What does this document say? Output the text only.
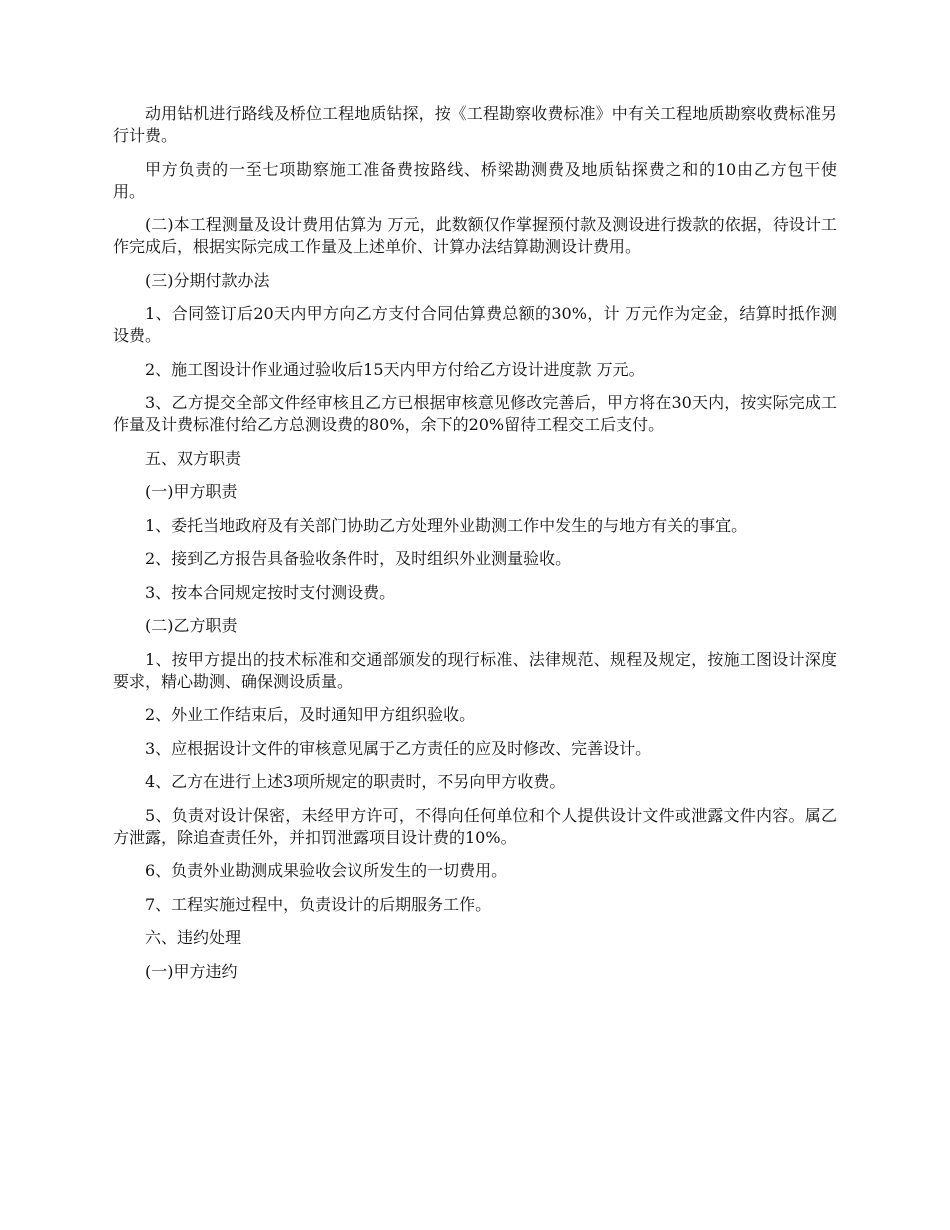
动用钻机进行路线及桥位工程地质钻探，按《工程勘察收费标准》中有关工程地质勘察收费标准另行计费。

甲方负责的一至七项勘察施工准备费按路线、桥梁勘测费及地质钻探费之和的10由乙方包干使用。

(二)本工程测量及设计费用估算为 万元，此数额仅作掌握预付款及测设进行拨款的依据，待设计工作完成后，根据实际完成工作量及上述单价、计算办法结算勘测设计费用。

(三)分期付款办法

1、合同签订后20天内甲方向乙方支付合同估算费总额的30%，计 万元作为定金，结算时抵作测设费。

2、施工图设计作业通过验收后15天内甲方付给乙方设计进度款 万元。

3、乙方提交全部文件经审核且乙方已根据审核意见修改完善后，甲方将在30天内，按实际完成工作量及计费标准付给乙方总测设费的80%，余下的20%留待工程交工后支付。

五、双方职责

(一)甲方职责

1、委托当地政府及有关部门协助乙方处理外业勘测工作中发生的与地方有关的事宜。

2、接到乙方报告具备验收条件时，及时组织外业测量验收。

3、按本合同规定按时支付测设费。

(二)乙方职责

1、按甲方提出的技术标准和交通部颁发的现行标准、法律规范、规程及规定，按施工图设计深度要求，精心勘测、确保测设质量。

2、外业工作结束后，及时通知甲方组织验收。

3、应根据设计文件的审核意见属于乙方责任的应及时修改、完善设计。

4、乙方在进行上述3项所规定的职责时，不另向甲方收费。

5、负责对设计保密，未经甲方许可，不得向任何单位和个人提供设计文件或泄露文件内容。属乙方泄露，除追查责任外，并扣罚泄露项目设计费的10%。

6、负责外业勘测成果验收会议所发生的一切费用。

7、工程实施过程中，负责设计的后期服务工作。

六、违约处理

(一)甲方违约
